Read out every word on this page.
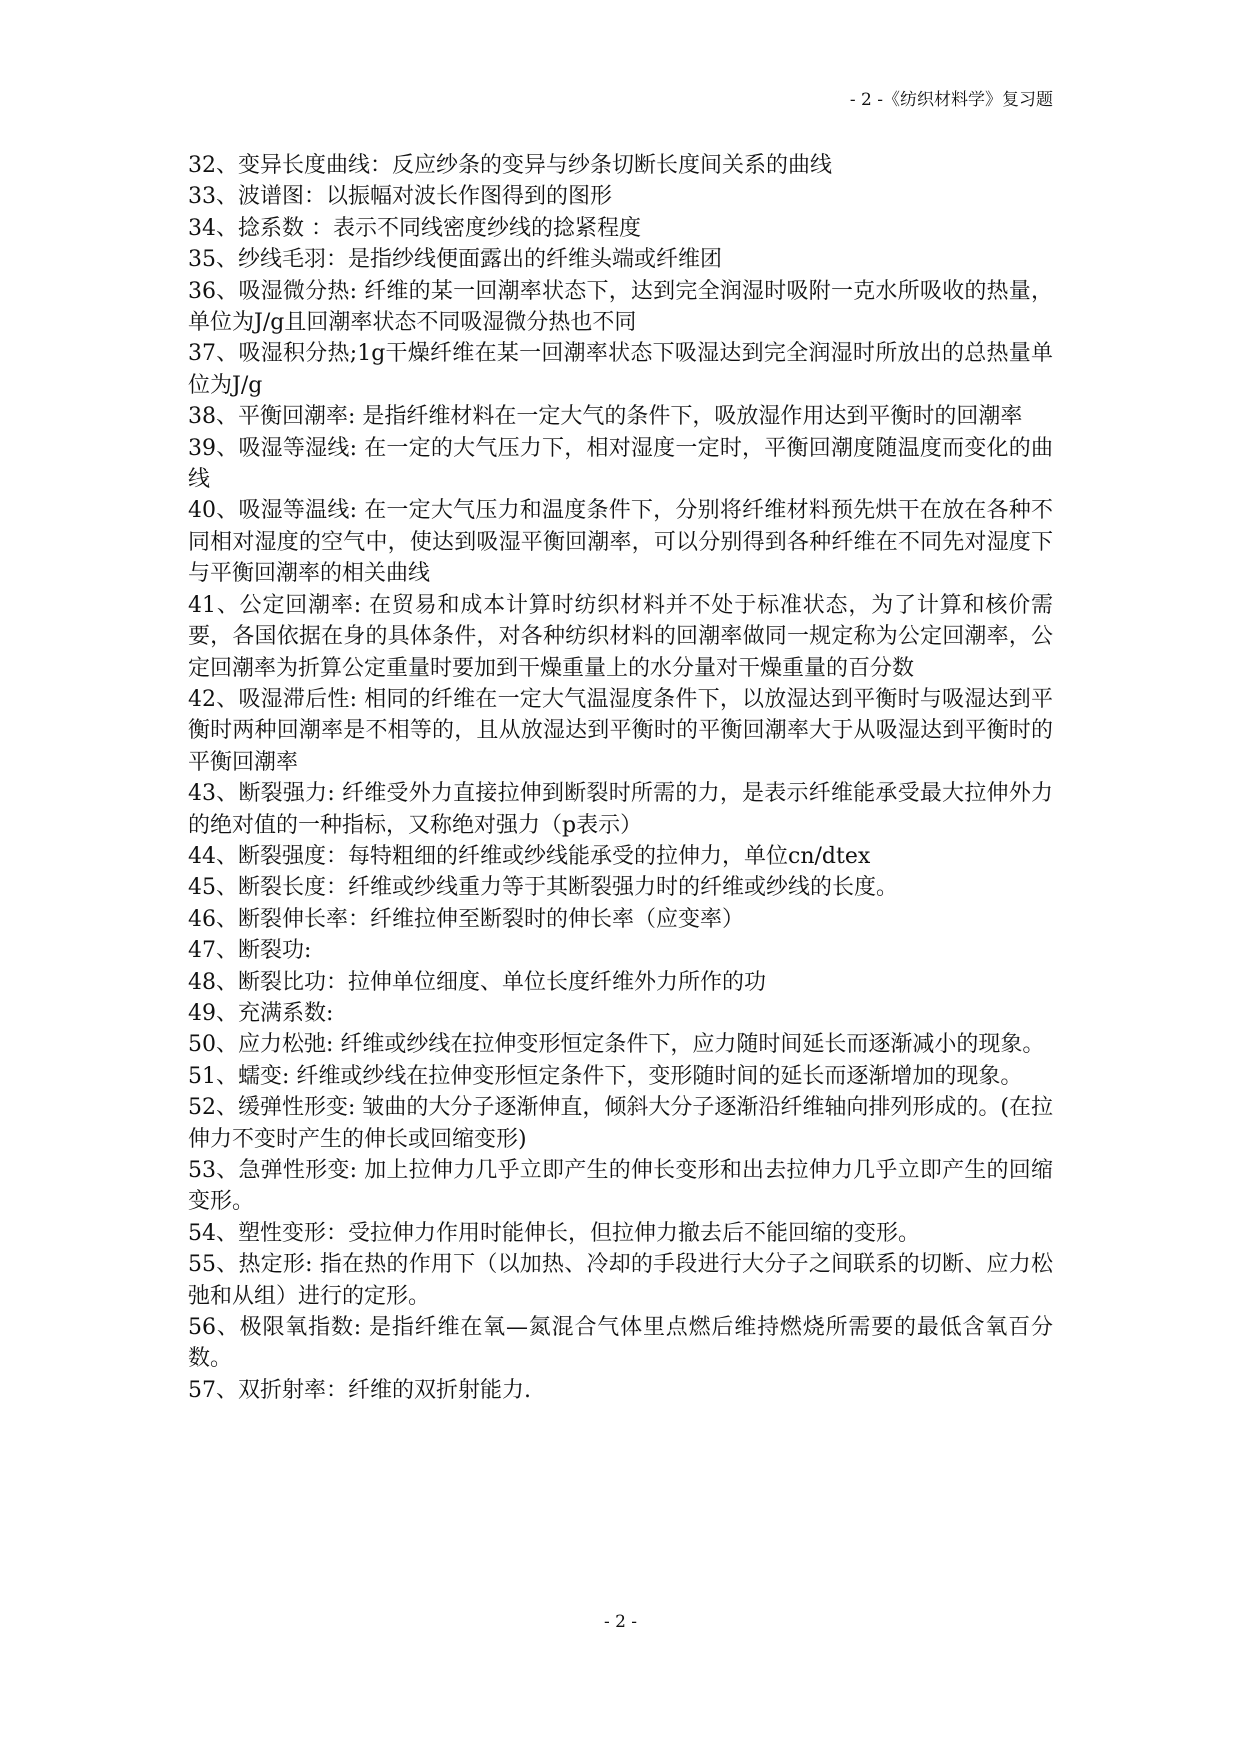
- 2 -《纺织材料学》复习题

32、变异长度曲线：反应纱条的变异与纱条切断长度间关系的曲线

33、波谱图：以振幅对波长作图得到的图形

34、捻系数 ：表示不同线密度纱线的捻紧程度

35、纱线毛羽：是指纱线便面露出的纤维头端或纤维团

36、吸湿微分热: 纤维的某一回潮率状态下，达到完全润湿时吸附一克水所吸收的热量，单位为J/g且回潮率状态不同吸湿微分热也不同

37、吸湿积分热;1g干燥纤维在某一回潮率状态下吸湿达到完全润湿时所放出的总热量单位为J/g

38、平衡回潮率: 是指纤维材料在一定大气的条件下，吸放湿作用达到平衡时的回潮率

39、吸湿等湿线: 在一定的大气压力下，相对湿度一定时，平衡回潮度随温度而变化的曲线

40、吸湿等温线: 在一定大气压力和温度条件下，分别将纤维材料预先烘干在放在各种不同相对湿度的空气中，使达到吸湿平衡回潮率，可以分别得到各种纤维在不同先对湿度下与平衡回潮率的相关曲线

41、公定回潮率: 在贸易和成本计算时纺织材料并不处于标准状态，为了计算和核价需要，各国依据在身的具体条件，对各种纺织材料的回潮率做同一规定称为公定回潮率，公定回潮率为折算公定重量时要加到干燥重量上的水分量对干燥重量的百分数

42、吸湿滞后性: 相同的纤维在一定大气温湿度条件下，以放湿达到平衡时与吸湿达到平衡时两种回潮率是不相等的，且从放湿达到平衡时的平衡回潮率大于从吸湿达到平衡时的平衡回潮率

43、断裂强力: 纤维受外力直接拉伸到断裂时所需的力，是表示纤维能承受最大拉伸外力的绝对值的一种指标，又称绝对强力（p表示）

44、断裂强度：每特粗细的纤维或纱线能承受的拉伸力，单位cn/dtex

45、断裂长度：纤维或纱线重力等于其断裂强力时的纤维或纱线的长度。

46、断裂伸长率：纤维拉伸至断裂时的伸长率（应变率）

47、断裂功:

48、断裂比功：拉伸单位细度、单位长度纤维外力所作的功

49、充满系数:

50、应力松弛: 纤维或纱线在拉伸变形恒定条件下，应力随时间延长而逐渐减小的现象。

51、蠕变: 纤维或纱线在拉伸变形恒定条件下，变形随时间的延长而逐渐增加的现象。

52、缓弹性形变: 皱曲的大分子逐渐伸直，倾斜大分子逐渐沿纤维轴向排列形成的。(在拉伸力不变时产生的伸长或回缩变形)

53、急弹性形变: 加上拉伸力几乎立即产生的伸长变形和出去拉伸力几乎立即产生的回缩变形。

54、塑性变形：受拉伸力作用时能伸长，但拉伸力撤去后不能回缩的变形。

55、热定形: 指在热的作用下（以加热、冷却的手段进行大分子之间联系的切断、应力松弛和从组）进行的定形。

56、极限氧指数: 是指纤维在氧—氮混合气体里点燃后维持燃烧所需要的最低含氧百分数。

57、双折射率：纤维的双折射能力.

- 2 -
